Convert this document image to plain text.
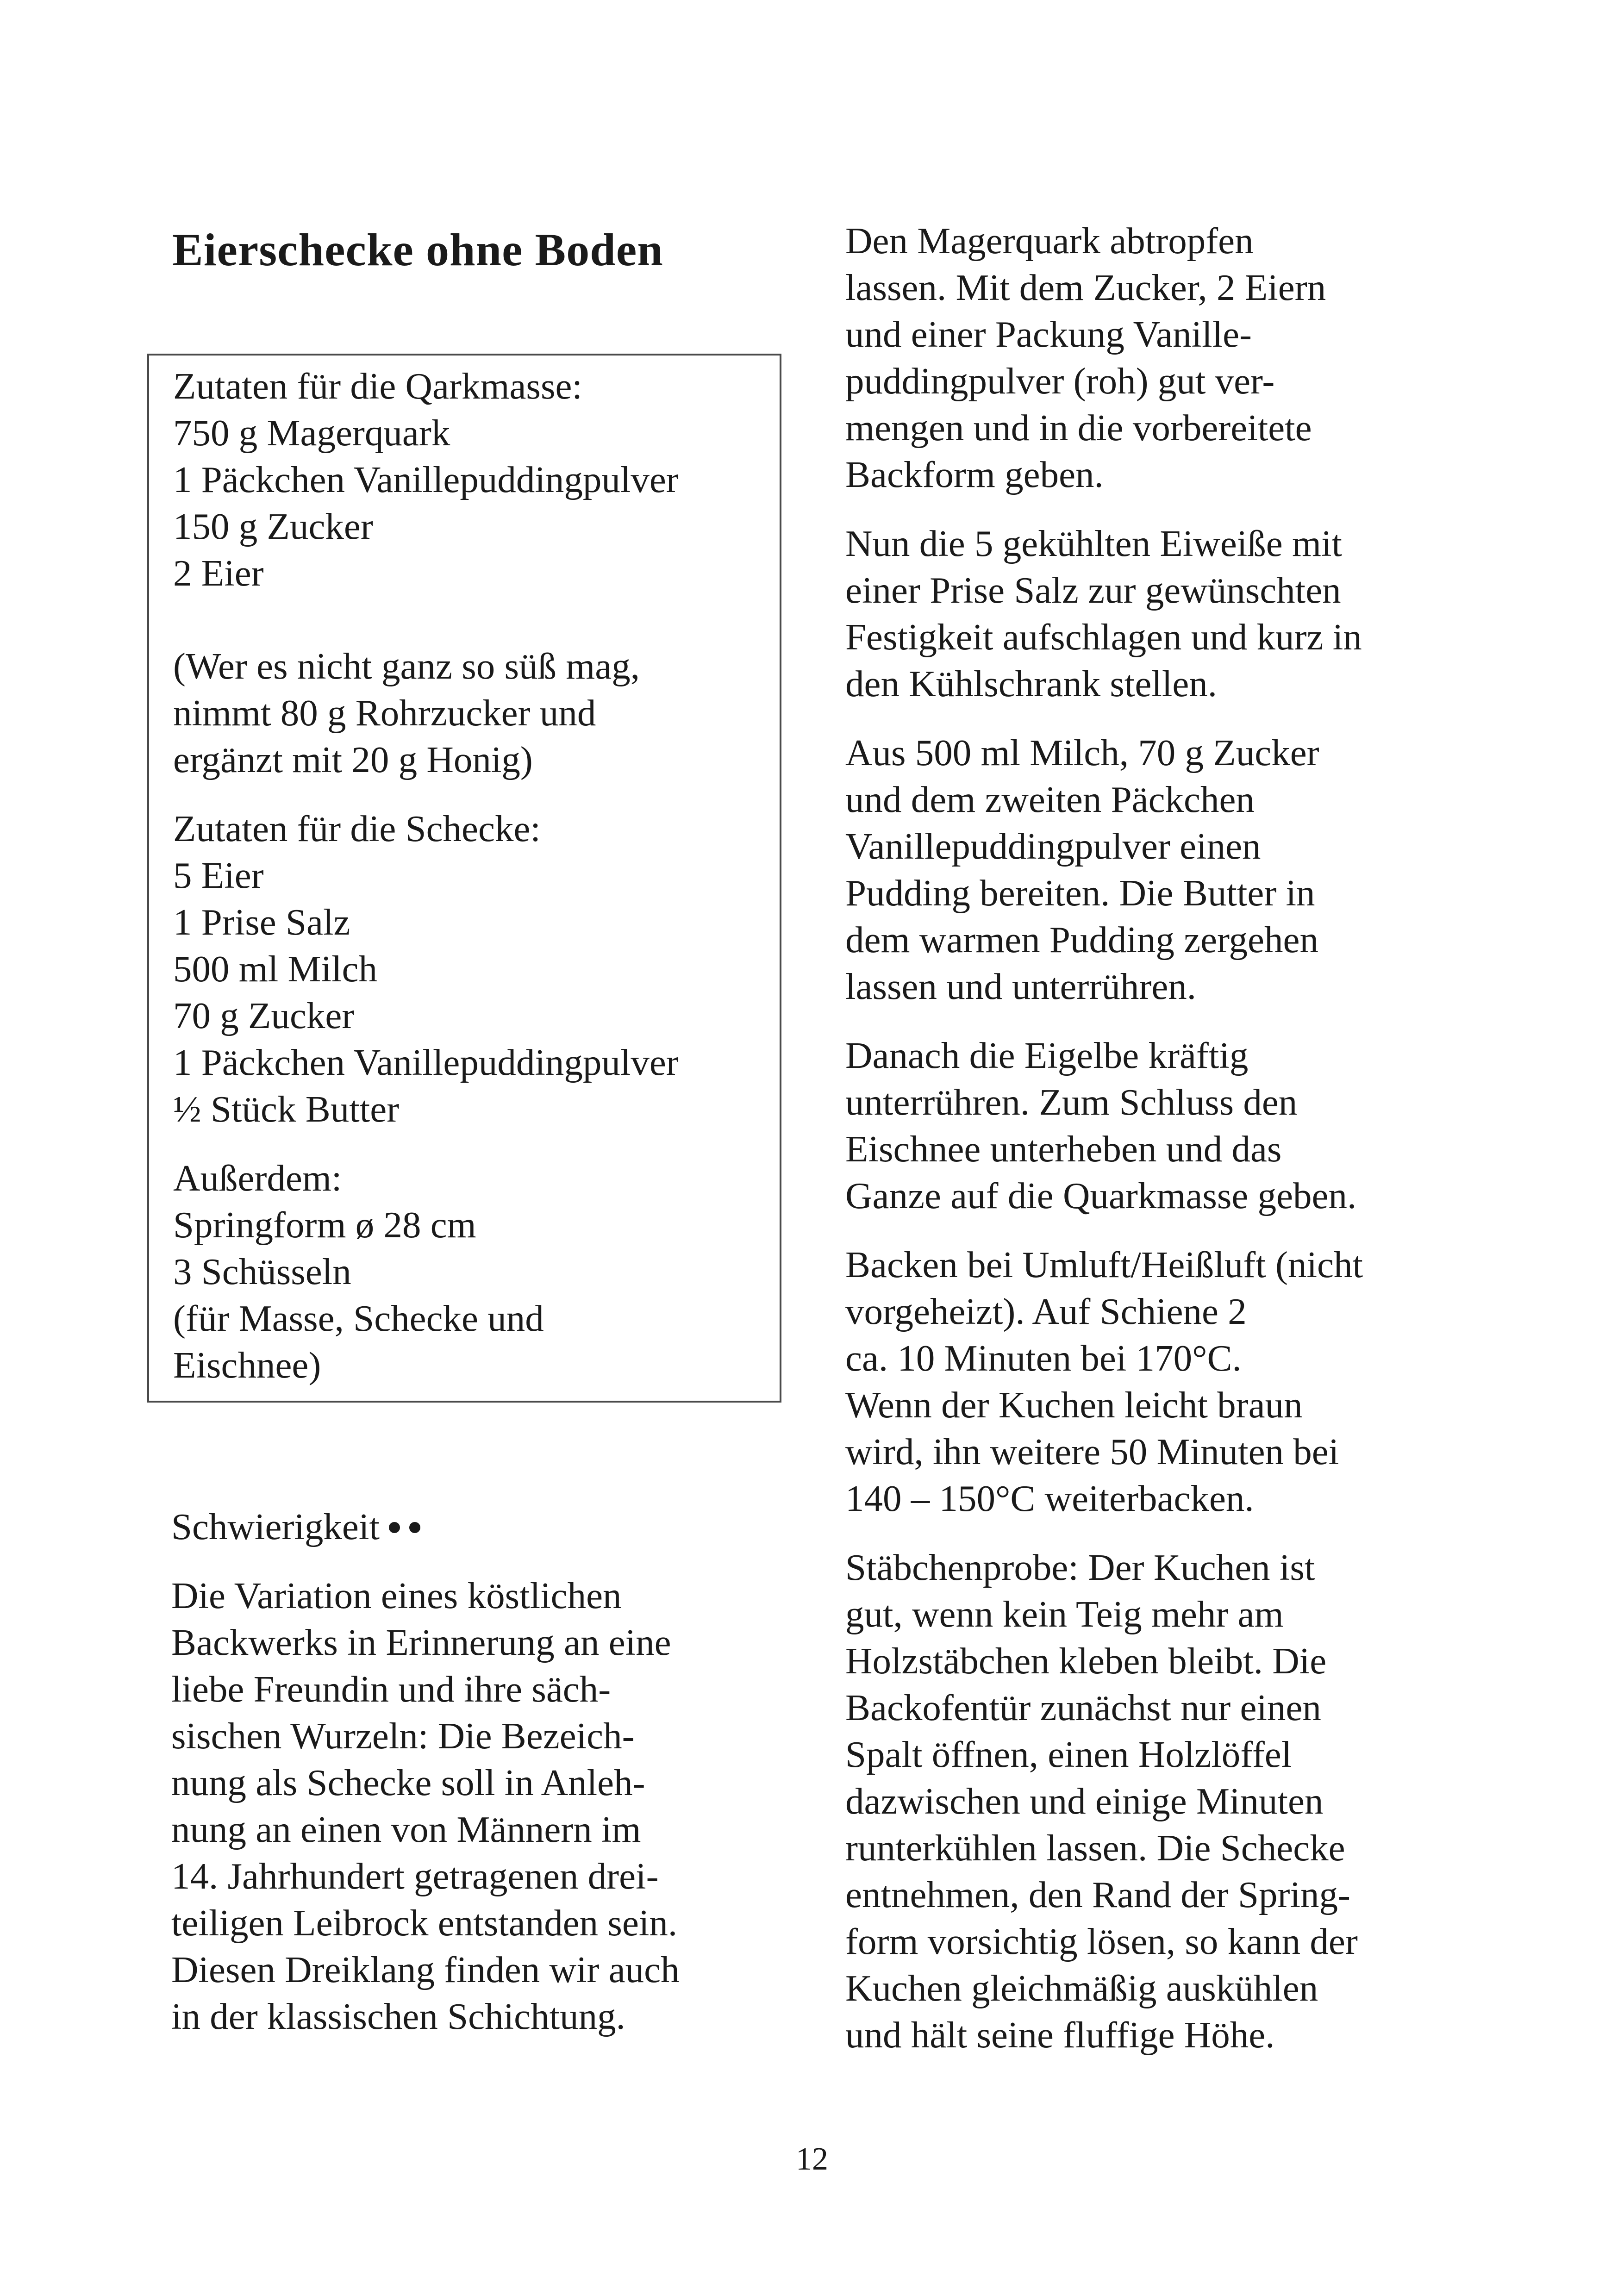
Eierschecke ohne Boden

Zutaten für die Qarkmasse:

750 g Magerquark

1 Päckchen Vanillepuddingpulver

150 g Zucker

2 Eier

(Wer es nicht ganz so süß mag,

nimmt 80 g Rohrzucker und

ergänzt mit 20 g Honig)

Zutaten für die Schecke:

5 Eier

1 Prise Salz

500 ml Milch

70 g Zucker

1 Päckchen Vanillepuddingpulver

½ Stück Butter

Außerdem:

Springform ø 28 cm

3 Schüsseln

(für Masse, Schecke und

Eischnee)

Schwierigkeit

Die Variation eines köstlichen

Backwerks in Erinnerung an eine

liebe Freundin und ihre säch-

sischen Wurzeln: Die Bezeich-

nung als Schecke soll in Anleh-

nung an einen von Männern im

14. Jahrhundert getragenen drei-

teiligen Leibrock entstanden sein.

Diesen Dreiklang finden wir auch

in der klassischen Schichtung.

Den Magerquark abtropfen

lassen. Mit dem Zucker, 2 Eiern

und einer Packung Vanille-

puddingpulver (roh) gut ver-

mengen und in die vorbereitete

Backform geben.

Nun die 5 gekühlten Eiweiße mit

einer Prise Salz zur gewünschten

Festigkeit aufschlagen und kurz in

den Kühlschrank stellen.

Aus 500 ml Milch, 70 g Zucker

und dem zweiten Päckchen

Vanillepuddingpulver einen

Pudding bereiten. Die Butter in

dem warmen Pudding zergehen

lassen und unterrühren.

Danach die Eigelbe kräftig

unterrühren. Zum Schluss den

Eischnee unterheben und das

Ganze auf die Quarkmasse geben.

Backen bei Umluft/Heißluft (nicht

vorgeheizt). Auf Schiene 2

ca. 10 Minuten bei 170°C.

Wenn der Kuchen leicht braun

wird, ihn weitere 50 Minuten bei

140 – 150°C weiterbacken.

Stäbchenprobe: Der Kuchen ist

gut, wenn kein Teig mehr am

Holzstäbchen kleben bleibt. Die

Backofentür zunächst nur einen

Spalt öffnen, einen Holzlöffel

dazwischen und einige Minuten

runterkühlen lassen. Die Schecke

entnehmen, den Rand der Spring-

form vorsichtig lösen, so kann der

Kuchen gleichmäßig auskühlen

und hält seine fluffige Höhe.

12
